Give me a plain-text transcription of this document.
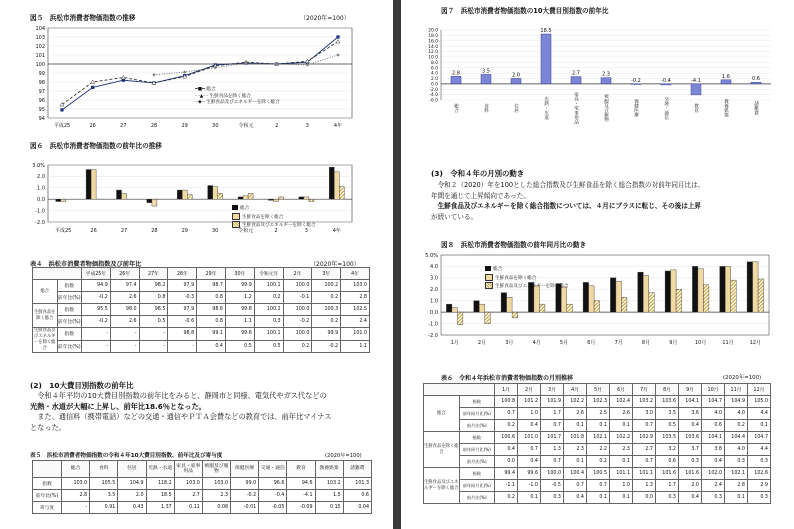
図５　浜松市消費者物価指数の推移	（2020年=100）
104
103
102
101
100
99
98
97
96
95
94
平成25	26	27	28	29	30	令和元	2	3	4年
━■━ 総合
- -▲- - 生鮮食品を除く総合
-·◆·- 生鮮食品及びエネルギーを除く総合
図６　浜松市消費者物価指数の前年比の推移
3.0%
2.0
1.0
0.0
-1.0
-2.0
平成25	26	27	28	29	30	令和元	2	3	4年
総合
生鮮食品を除く総合
生鮮食品及びエネルギーを除く総合
表４　浜松市消費者物価指数及び前年比	（2020年=100）
		平成25年	26年	27年	28年	29年	30年	令和元年	2年	3年	4年
総合	指数	94.9	97.4	98.2	97.9	98.7	99.9	100.1	100.0	100.2	103.0
	前年比(%)	-0.2	2.6	0.8	-0.3	0.8	1.2	0.2	-0.1	0.2	2.8
生鮮食品を除く総合	指数	95.5	98.0	98.5	97.9	98.6	99.8	100.2	100.0	100.3	102.5
	前年比(%)	-0.2	2.6	0.5	-0.6	0.8	1.1	0.3	-0.2	0.2	2.4
生鮮食品及びエネルギーを除く総合	指数	-	-	-	98.8	99.1	99.6	100.1	100.0	99.9	101.0
	前年比(%)	-	-	-	-	0.4	0.5	0.5	0.2	-0.2	1.1
(2)　10大費目別指数の前年比
　令和４年平均の10大費目別指数の前年比をみると、静岡市と同様、電気代やガス代などの
光熱・水道が大幅に上昇し、前年比18.6％となった。
　また、通信料（携帯電話）などの交通・通信やＰＴＡ会費などの教育では、前年比マイナス
となった。
表５　浜松市消費者物価指数の令和４年10大費目別指数、前年比及び寄与度	(2020年=100)
	総合	食料	住居	光熱・水道	家具・家事用品	被服及び履物	保健医療	交通・通信	教育	教養娯楽	諸雑費
指数	103.0	105.5	104.9	118.2	103.0	103.0	99.0	96.6	94.6	103.2	101.3
前年比(%)	2.8	3.5	2.0	18.5	2.7	2.3	-0.2	-0.4	-4.1	1.5	0.6
寄与度	-	0.91	0.43	1.37	0.11	0.08	-0.01	-0.05	-0.09	0.15	0.04
図７　浜松市消費者物価指数の10大費目別指数の前年比
20.0
18.0
16.0
14.0
12.0
10.0
8.0
6.0
4.0
2.0
0.0
-2.0
-4.0
-6.0
2.8	3.5
2.0
18.5
2.7	2.3
-0.2	-0.4	-4.1
1.6	0.6
総合	食料	住居	光熱・水道	家具・家事用品	被服及び履物	保健医療	交通・通信	教育	教養娯楽	諸雑費
(3)　令和４年の月別の動き
　令和２（2020）年を100とした総合指数及び生鮮食品を除く総合指数の対前年同月比は、
年間を通じて上昇傾向であった。
　生鮮食品及びエネルギーを除く総合指数については、４月にプラスに転じ、その後は上昇
が続いている。
図８　浜松市消費者物価指数の前年同月比の動き
5.0%
4.0
3.0
2.0
1.0
0.0
-1.0
-2.0
1月	2月	3月	4月	5月	6月	7月	8月	9月	10月	11月	12月
総合
生鮮食品を除く総合
生鮮食品及びエネルギーを除く総合
表６　令和４年浜松市消費者物価指数の月別推移	(2020年=100)
		1月	2月	3月	4月	5月	6月	7月	8月	9月	10月	11月	12月
総合	指数	100.8	101.2	101.9	102.2	102.3	102.4	103.2	103.6	104.1	104.7	104.9	105.0
	前年同月比(%)	0.7	1.0	1.7	2.6	2.5	2.6	3.0	3.5	3.6	4.0	4.0	4.4
	前月比(%)	0.2	0.4	0.7	0.1	0.1	0.1	0.7	0.5	0.4	0.6	0.2	0.1
生鮮食品を除く総合	指数	100.6	101.0	101.7	101.8	102.1	102.2	102.9	103.5	103.6	104.1	104.4	104.7
	前年同月比(%)	0.4	0.7	1.3	2.3	2.2	2.3	2.7	3.2	3.7	3.8	4.0	4.4
	前月比(%)	0.0	0.4	0.7	0.1	0.2	0.1	0.7	0.6	0.3	0.4	0.3	0.3
生鮮食品及びエネルギーを除く総合	指数	99.4	99.6	100.0	100.4	100.5	101.1	101.1	101.6	101.6	102.0	102.1	102.6
	前年同月比(%)	-1.1	-1.0	-0.5	0.7	0.7	1.0	1.3	1.7	2.0	2.4	2.8	2.9
	前月比(%)	0.2	0.1	0.3	0.4	0.1	0.1	0.0	0.3	0.4	0.3	0.1	0.3
